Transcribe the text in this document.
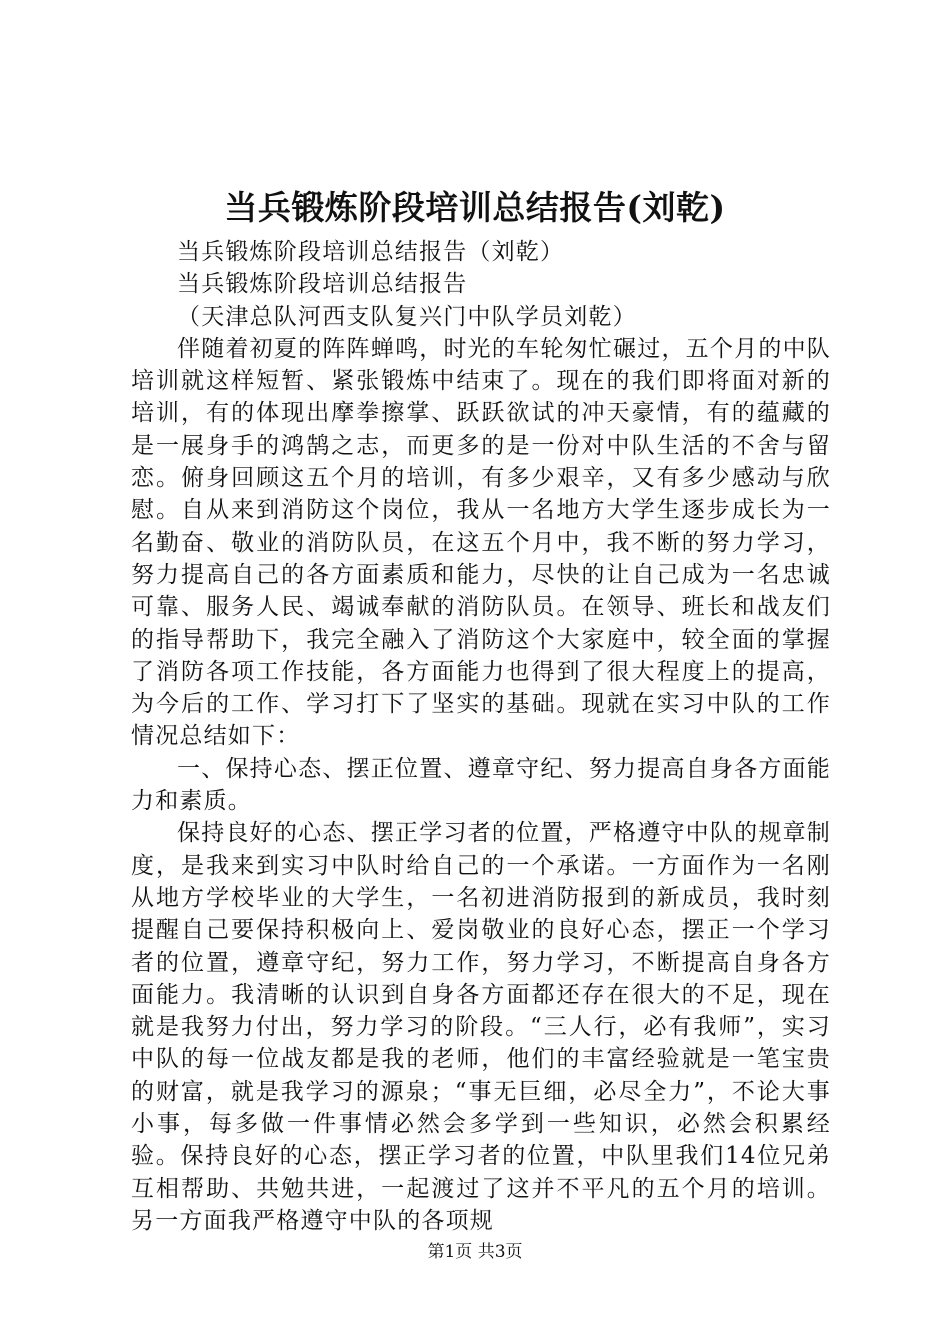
当兵锻炼阶段培训总结报告(刘乾)

当兵锻炼阶段培训总结报告（刘乾）

当兵锻炼阶段培训总结报告

（天津总队河西支队复兴门中队学员刘乾）

伴随着初夏的阵阵蝉鸣，时光的车轮匆忙碾过，五个月的中队培训就这样短暂、紧张锻炼中结束了。现在的我们即将面对新的培训，有的体现出摩拳擦掌、跃跃欲试的冲天豪情，有的蕴藏的是一展身手的鸿鹄之志，而更多的是一份对中队生活的不舍与留恋。俯身回顾这五个月的培训，有多少艰辛，又有多少感动与欣慰。自从来到消防这个岗位，我从一名地方大学生逐步成长为一名勤奋、敬业的消防队员，在这五个月中，我不断的努力学习，努力提高自己的各方面素质和能力，尽快的让自己成为一名忠诚可靠、服务人民、竭诚奉献的消防队员。在领导、班长和战友们的指导帮助下，我完全融入了消防这个大家庭中，较全面的掌握了消防各项工作技能，各方面能力也得到了很大程度上的提高，为今后的工作、学习打下了坚实的基础。现就在实习中队的工作情况总结如下：

一、保持心态、摆正位置、遵章守纪、努力提高自身各方面能力和素质。

保持良好的心态、摆正学习者的位置，严格遵守中队的规章制度，是我来到实习中队时给自己的一个承诺。一方面作为一名刚从地方学校毕业的大学生，一名初进消防报到的新成员，我时刻提醒自己要保持积极向上、爱岗敬业的良好心态，摆正一个学习者的位置，遵章守纪，努力工作，努力学习，不断提高自身各方面能力。我清晰的认识到自身各方面都还存在很大的不足，现在就是我努力付出，努力学习的阶段。“三人行，必有我师”，实习中队的每一位战友都是我的老师，他们的丰富经验就是一笔宝贵的财富，就是我学习的源泉；“事无巨细，必尽全力”，不论大事小事，每多做一件事情必然会多学到一些知识，必然会积累经验。保持良好的心态，摆正学习者的位置，中队里我们14位兄弟互相帮助、共勉共进，一起渡过了这并不平凡的五个月的培训。另一方面我严格遵守中队的各项规

第1页 共3页
